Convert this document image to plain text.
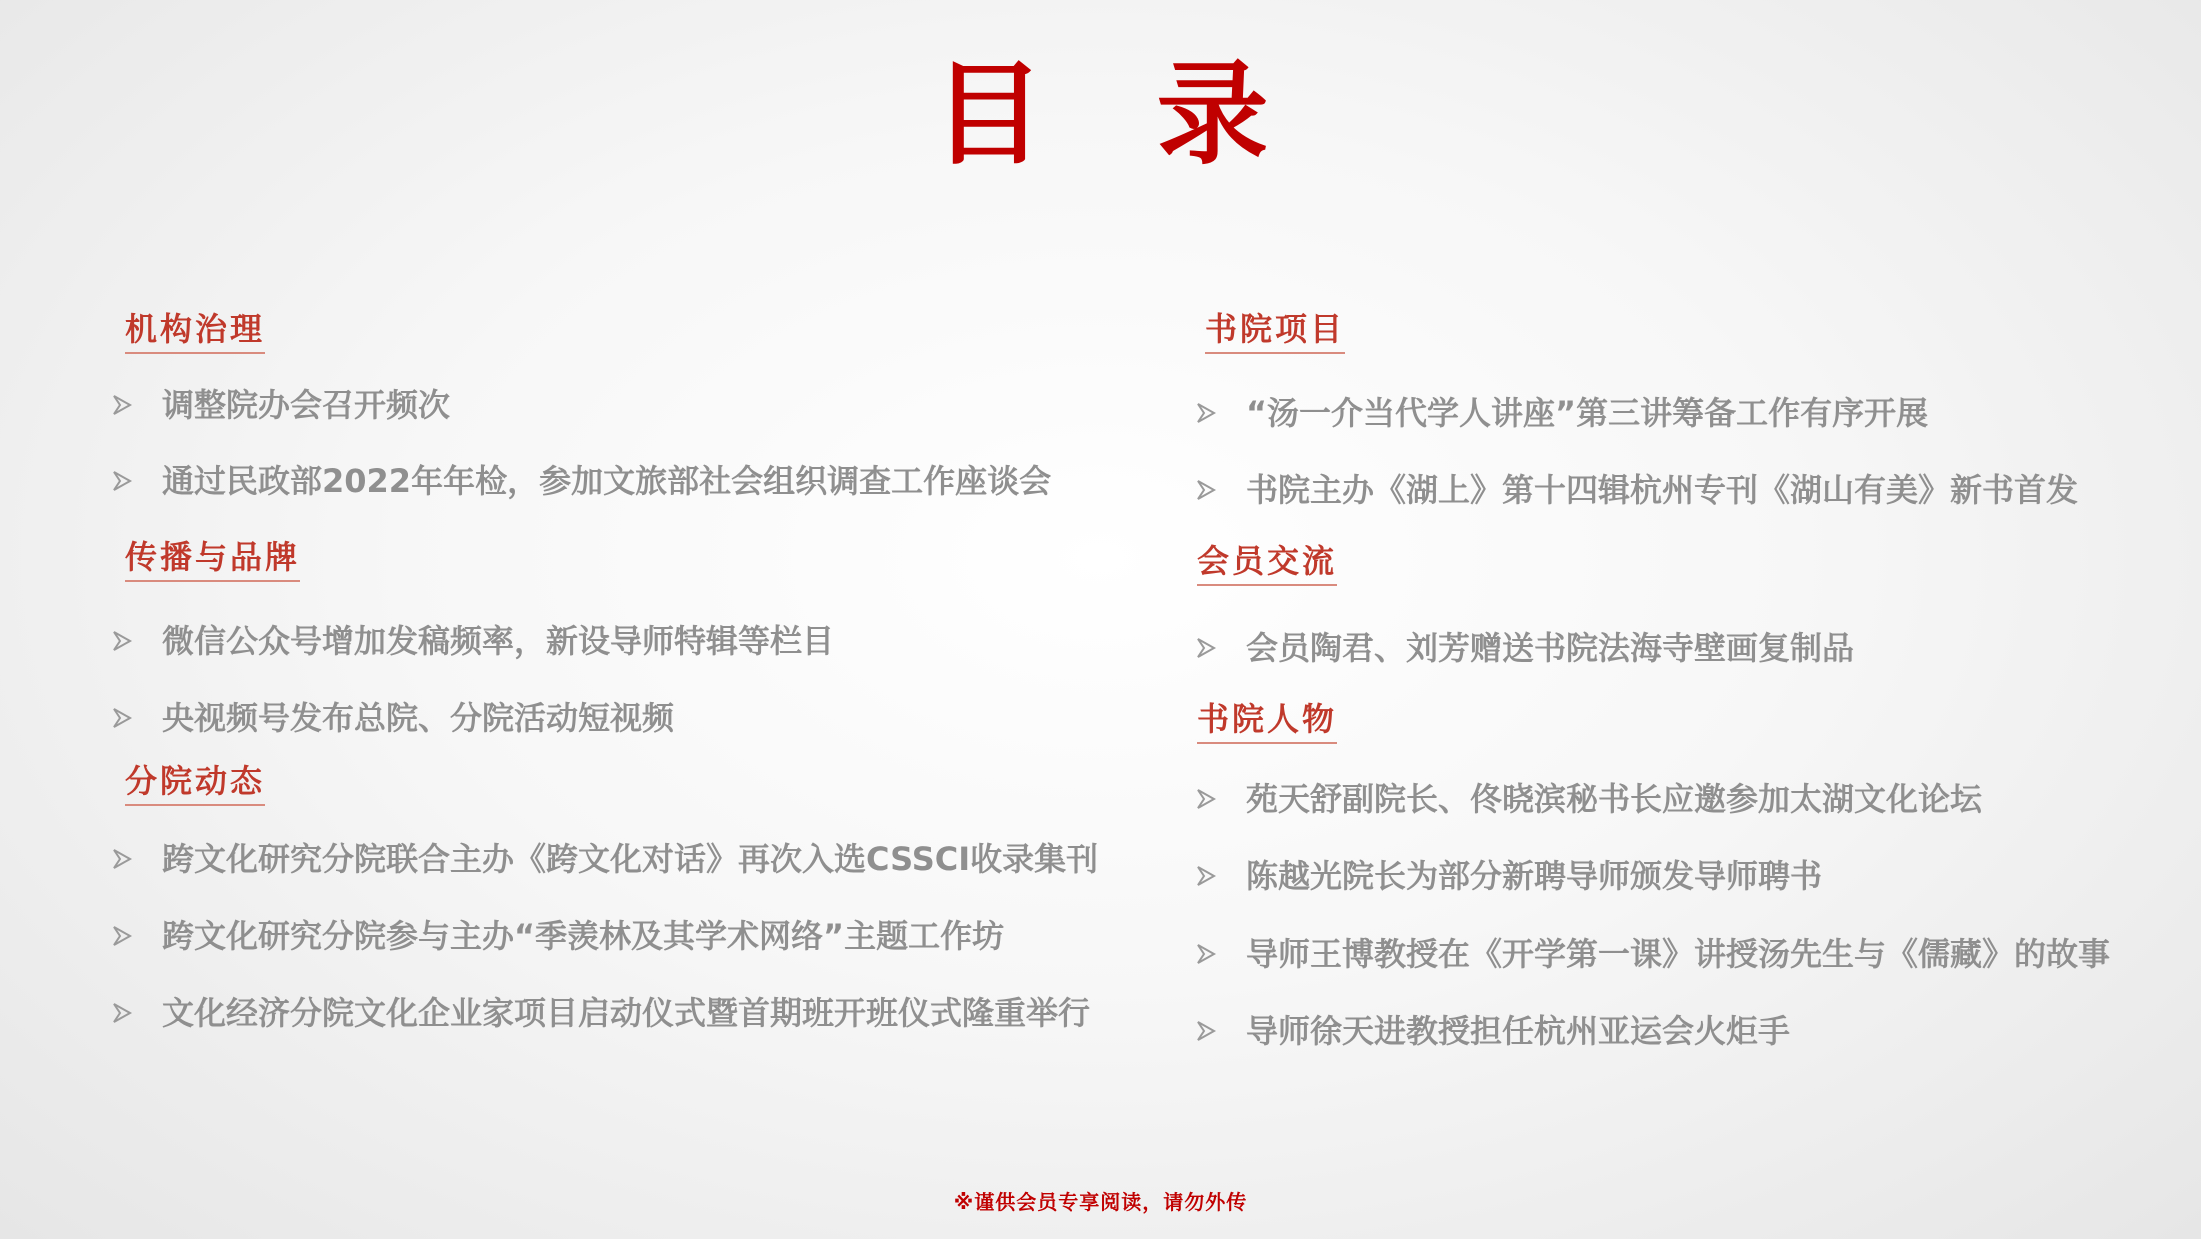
目 录
机构治理
调整院办会召开频次
通过民政部2022年年检，参加文旅部社会组织调查工作座谈会
传播与品牌
微信公众号增加发稿频率，新设导师特辑等栏目
央视频号发布总院、分院活动短视频
分院动态
跨文化研究分院联合主办《跨文化对话》再次入选CSSCI收录集刊
跨文化研究分院参与主办“季羡林及其学术网络”主题工作坊
文化经济分院文化企业家项目启动仪式暨首期班开班仪式隆重举行
书院项目
“汤一介当代学人讲座”第三讲筹备工作有序开展
书院主办《湖上》第十四辑杭州专刊《湖山有美》新书首发
会员交流
会员陶君、刘芳赠送书院法海寺壁画复制品
书院人物
苑天舒副院长、佟晓滨秘书长应邀参加太湖文化论坛
陈越光院长为部分新聘导师颁发导师聘书
导师王博教授在《开学第一课》讲授汤先生与《儒藏》的故事
导师徐天进教授担任杭州亚运会火炬手
※谨供会员专享阅读，请勿外传
